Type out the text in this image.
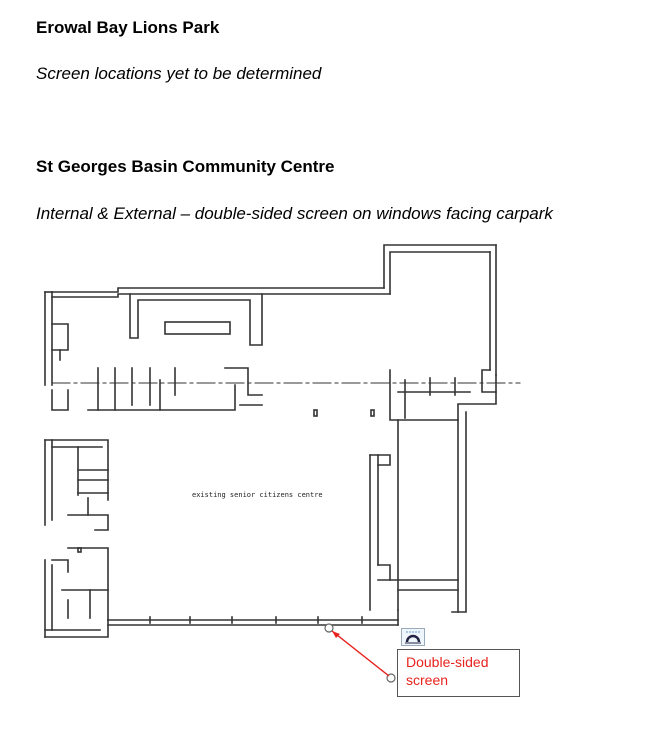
Erowal Bay Lions Park

Screen locations yet to be determined

St Georges Basin Community Centre

Internal & External – double-sided screen on windows facing carpark

existing senior citizens centre
Double-sided
screen
